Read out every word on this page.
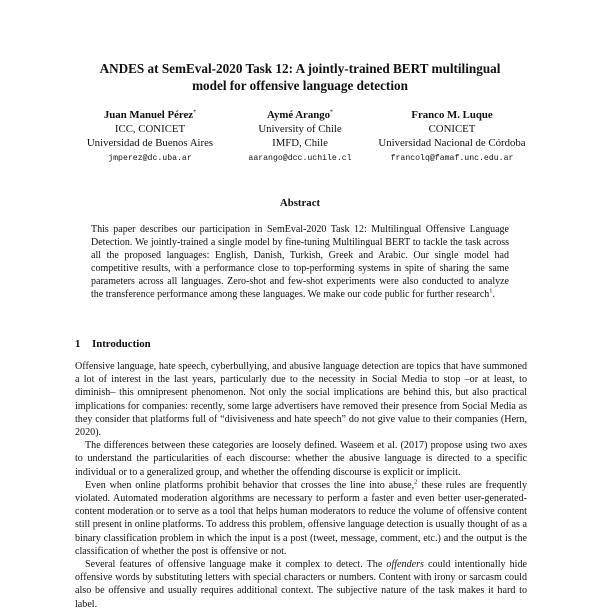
ANDES at SemEval-2020 Task 12: A jointly-trained BERT multilingual
model for offensive language detection
Juan Manuel Pérez*
ICC, CONICET
Universidad de Buenos Aires
jmperez@dc.uba.ar
Aymé Arango*
University of Chile
IMFD, Chile
aarango@dcc.uchile.cl
Franco M. Luque
CONICET
Universidad Nacional de Córdoba
francolq@famaf.unc.edu.ar
Abstract

This paper describes our participation in SemEval-2020 Task 12: Multilingual Offensive Language Detection. We jointly-trained a single model by fine-tuning Multilingual BERT to tackle the task across all the proposed languages: English, Danish, Turkish, Greek and Arabic. Our single model had competitive results, with a performance close to top-performing systems in spite of sharing the same parameters across all languages. Zero-shot and few-shot experiments were also conducted to analyze the transference performance among these languages. We make our code public for further research$^1$.

1 Introduction

Offensive language, hate speech, cyberbullying, and abusive language detection are topics that have summoned a lot of interest in the last years, particularly due to the necessity in Social Media to stop –or at least, to diminish– this omnipresent phenomenon. Not only the social implications are behind this, but also practical implications for companies: recently, some large advertisers have removed their presence from Social Media as they consider that platforms full of “divisiveness and hate speech” do not give value to their companies (Hern, 2020).

The differences between these categories are loosely defined. Waseem et al. (2017) propose using two axes to understand the particularities of each discourse: whether the abusive language is directed to a specific individual or to a generalized group, and whether the offending discourse is explicit or implicit.

Even when online platforms prohibit behavior that crosses the line into abuse,$^2$ these rules are frequently violated. Automated moderation algorithms are necessary to perform a faster and even better user-generated-content moderation or to serve as a tool that helps human moderators to reduce the volume of offensive content still present in online platforms. To address this problem, offensive language detection is usually thought of as a binary classification problem in which the input is a post (tweet, message, comment, etc.) and the output is the classification of whether the post is offensive or not.

Several features of offensive language make it complex to detect. The offenders could intentionally hide offensive words by substituting letters with special characters or numbers. Content with irony or sarcasm could also be offensive and usually requires additional context. The subjective nature of the task makes it hard to label.
